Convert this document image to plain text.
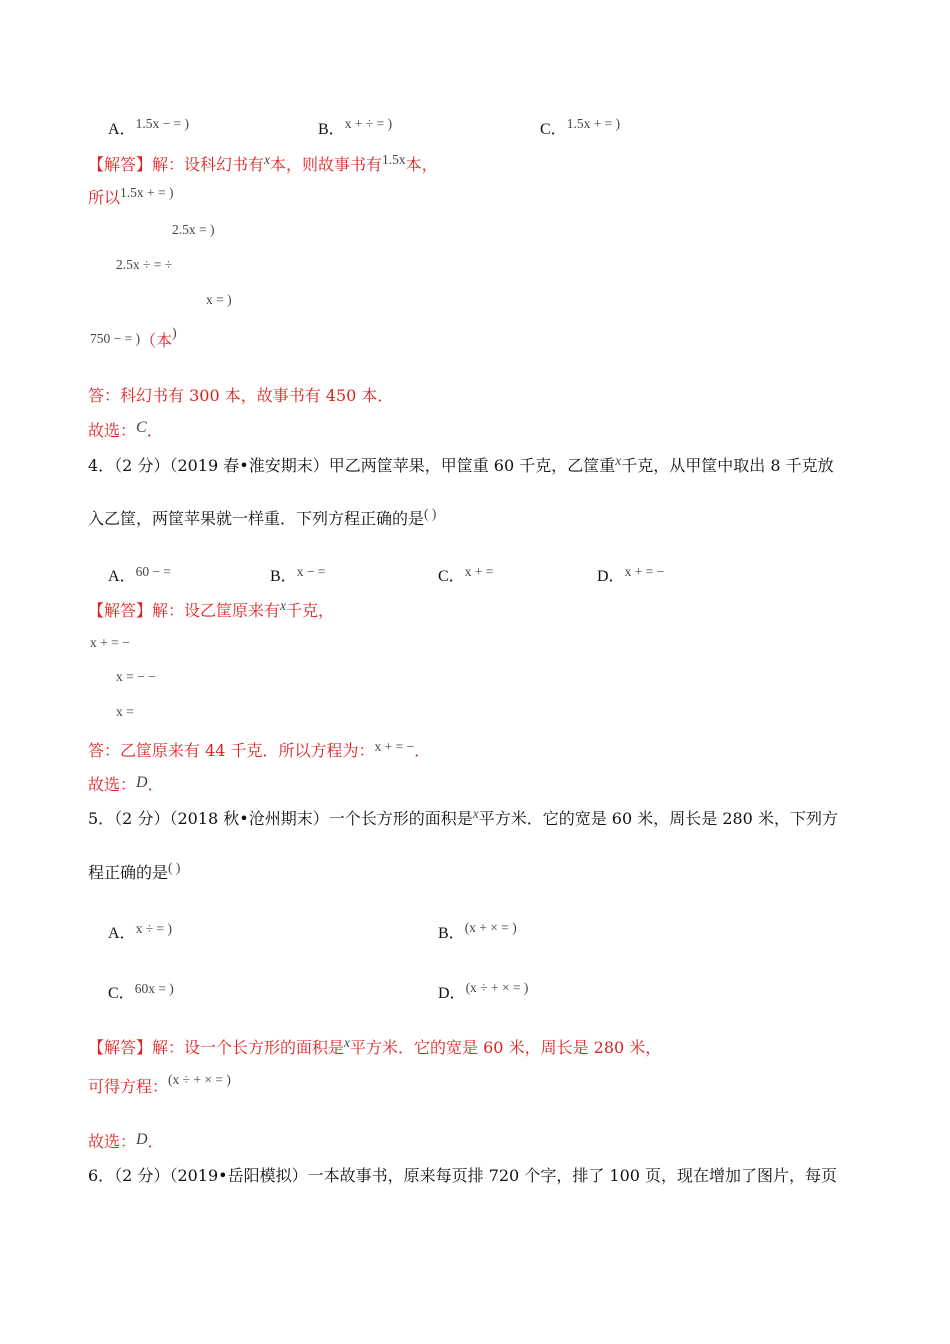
A．$^{1.5x - = )}$	B．$^{x + \div = )}$	C．$^{1.5x + = )}$
【解答】解：设科幻书有$^x$本，则故事书有$^{1.5x}$本，
所以$^{1.5x + = )}$
2.5x = )
2.5x ÷ = ÷
x = )
750 − = )（本)
答：科幻书有 300 本，故事书有 450 本．
故选：C．
4．（2 分）（2019 春•淮安期末）甲乙两筐苹果，甲筐重 60 千克，乙筐重$^x$千克，从甲筐中取出 8 千克放
入乙筐，两筐苹果就一样重．下列方程正确的是( )
A．$^{60 - =}$	B．$^{x - =}$	C．$^{x + =}$	D．$^{x + = -}$
【解答】解：设乙筐原来有$^x$千克，
x + = −
x = − −
x =
答：乙筐原来有 44 千克．所以方程为：$^{x + = -}$．
故选：D．
5．（2 分）（2018 秋•沧州期末）一个长方形的面积是$^x$平方米．它的宽是 60 米，周长是 280 米，下列方
程正确的是( )
A．$^{x \div = )}$	B．$^{(x + \times = )}$
C．$^{60x = )}$	D．$^{(x \div + \times = )}$
【解答】解：设一个长方形的面积是$^x$平方米．它的宽是 60 米，周长是 280 米，
可得方程：$^{(x \div + \times = )}$
故选：D．
6．（2 分）（2019•岳阳模拟）一本故事书，原来每页排 720 个字，排了 100 页，现在增加了图片，每页
